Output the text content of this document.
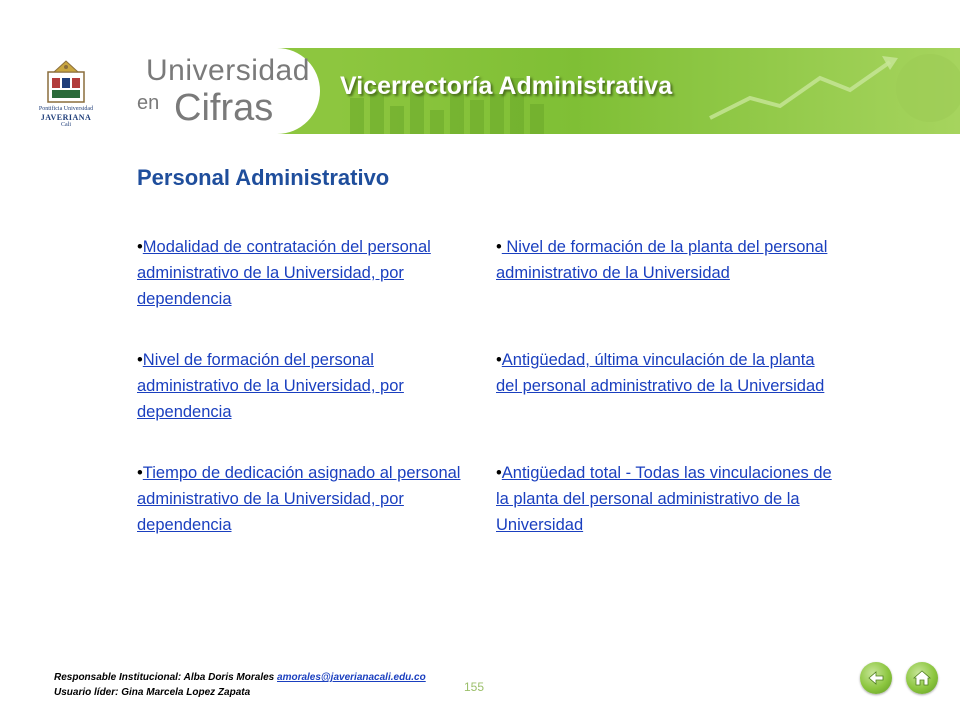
Pontificia Universidad
JAVERIANA
Cali
Universidad
en Cifras
Vicerrectoría Administrativa
Personal Administrativo
•Modalidad de contratación del personal administrativo de la Universidad, por dependencia
•Nivel de formación del personal administrativo de la Universidad, por dependencia
•Tiempo de dedicación asignado al personal administrativo de la Universidad, por dependencia
• Nivel de formación de la planta del personal administrativo de la Universidad
•Antigüedad, última vinculación de la planta del personal administrativo de la Universidad
•Antigüedad total - Todas las vinculaciones de la planta del personal administrativo de la Universidad
Responsable Institucional: Alba Doris Morales amorales@javerianacali.edu.co
Usuario líder: Gina Marcela Lopez Zapata	155
